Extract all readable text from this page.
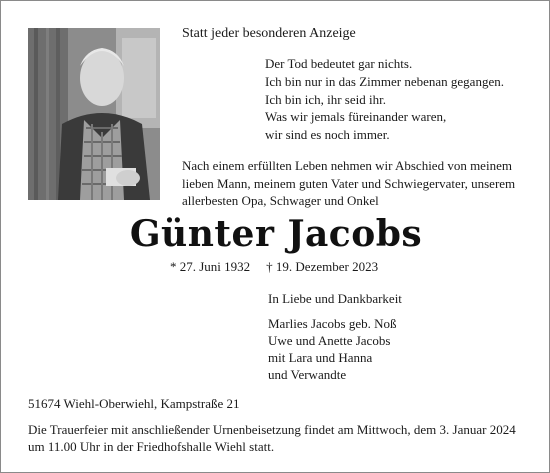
Statt jeder besonderen Anzeige
Der Tod bedeutet gar nichts.
Ich bin nur in das Zimmer nebenan gegangen.
Ich bin ich, ihr seid ihr.
Was wir jemals füreinander waren,
wir sind es noch immer.
Nach einem erfüllten Leben nehmen wir Abschied von meinem
lieben Mann, meinem guten Vater und Schwiegervater, unserem
allerbesten Opa, Schwager und Onkel
Günter Jacobs
* 27. Juni 1932 † 19. Dezember 2023
In Liebe und Dankbarkeit
Marlies Jacobs geb. Noß
Uwe und Anette Jacobs
mit Lara und Hanna
und Verwandte
51674 Wiehl-Oberwiehl, Kampstraße 21
Die Trauerfeier mit anschließender Urnenbeisetzung findet am Mittwoch, dem 3. Januar 2024
um 11.00 Uhr in der Friedhofshalle Wiehl statt.
